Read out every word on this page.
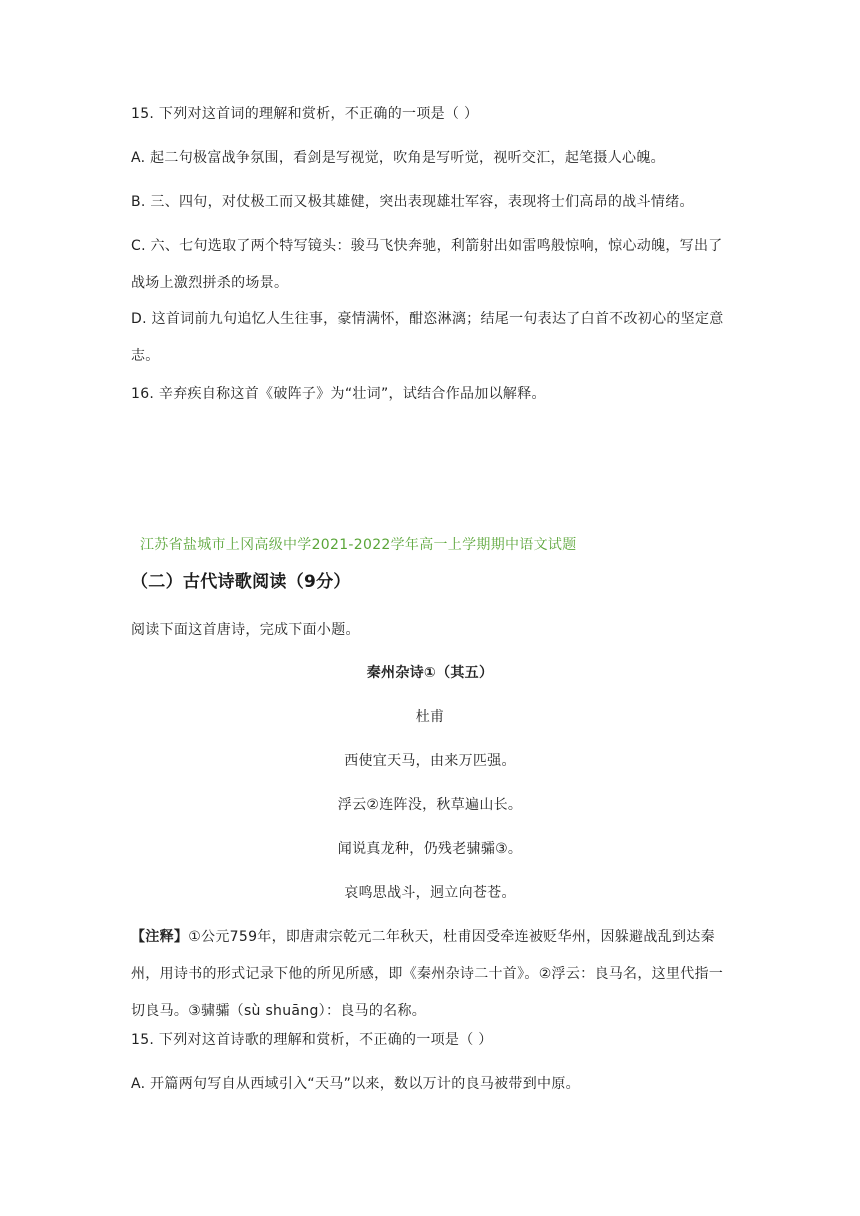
15. 下列对这首词的理解和赏析，不正确的一项是（ ）
A. 起二句极富战争氛围，看剑是写视觉，吹角是写听觉，视听交汇，起笔摄人心魄。
B. 三、四句，对仗极工而又极其雄健，突出表现雄壮军容，表现将士们高昂的战斗情绪。
C. 六、七句选取了两个特写镜头：骏马飞快奔驰，利箭射出如雷鸣般惊响，惊心动魄，写出了战场上激烈拼杀的场景。
D. 这首词前九句追忆人生往事，豪情满怀，酣恣淋漓；结尾一句表达了白首不改初心的坚定意志。
16. 辛弃疾自称这首《破阵子》为“壮词”，试结合作品加以解释。
江苏省盐城市上冈高级中学2021-2022学年高一上学期期中语文试题
（二）古代诗歌阅读（9分）
阅读下面这首唐诗，完成下面小题。
秦州杂诗①（其五）
杜甫
西使宜天马，由来万匹强。
浮云②连阵没，秋草遍山长。
闻说真龙种，仍残老骕骦③。
哀鸣思战斗，迥立向苍苍。
【注释】①公元759年，即唐肃宗乾元二年秋天，杜甫因受牵连被贬华州，因躲避战乱到达秦州，用诗书的形式记录下他的所见所感，即《秦州杂诗二十首》。②浮云：良马名，这里代指一切良马。③骕骦（sù shuāng）：良马的名称。
15. 下列对这首诗歌的理解和赏析，不正确的一项是（ ）
A. 开篇两句写自从西域引入“天马”以来，数以万计的良马被带到中原。
